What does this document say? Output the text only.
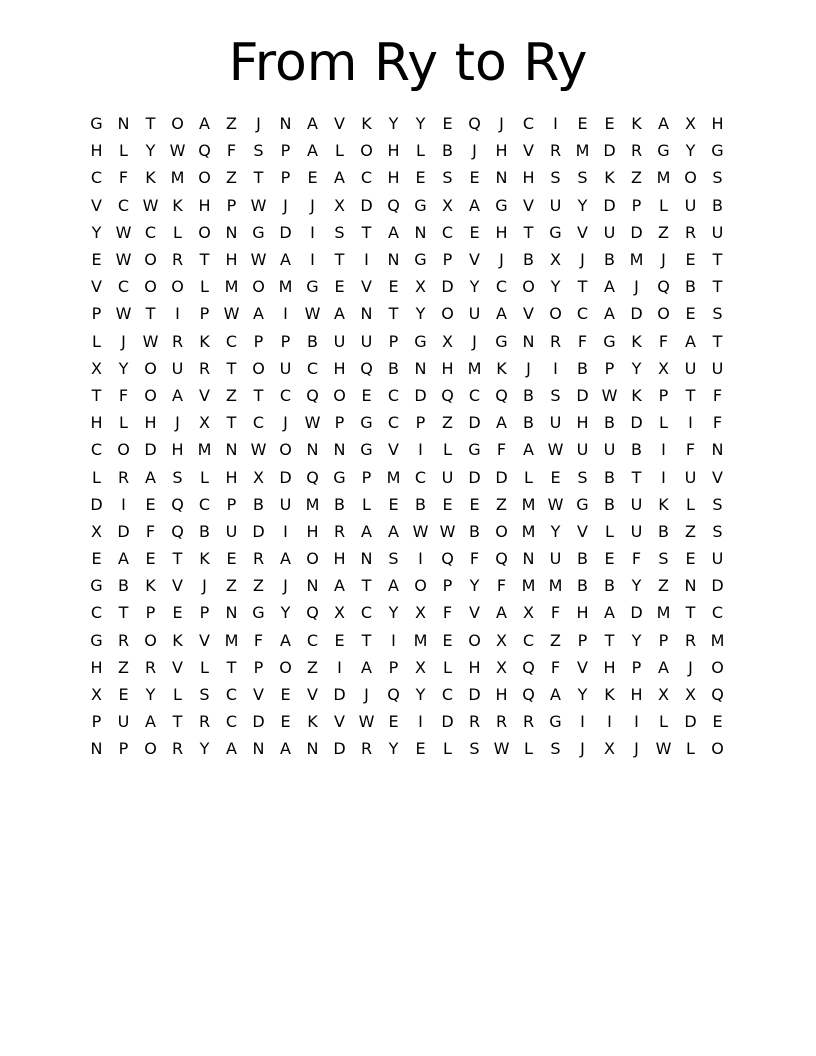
From Ry to Ry
G N	T O A	Z	J	N A	V	K	Y	Y	E Q	J	C	I	E	E	K	A	X H
H	L	Y W Q	F	S	P	A	L	O H	L	B	J	H V R M D R G Y G
C	F	K M O Z	T	P	E	A C H E	S	E N H S	S	K	Z M O S
V C W K H	P W	J	J	X D Q G X	A G V U	Y D	P	L	U B
Y W C	L	O N G D	I	S	T	A N C	E H	T G V U D Z R U
E W O R	T	H W A	I	T	I	N G P	V	J	B	X	J	B M	J	E	T
V C O O	L M O M G E	V	E	X D Y	C O Y	T	A	J	Q B	T
P W T	I	P W A	I	W A N	T	Y O U A	V O C A D O E	S
L	J	W R	K	C	P	P	B U U	P G X	J	G N R	F	G K	F	A	T
X	Y O U R	T O U C H Q B N H M K	J	I	B	P	Y	X U U
T	F	O A	V	Z	T	C Q O E	C D Q C Q B	S D W K	P	T	F
H	L	H	J	X	T	C	J	W P G C	P	Z D A	B U H B D	L	I	F
C O D H M N W O N N G V	I	L	G	F	A W U U B	I	F	N
L	R A	S	L	H X D Q G P M C U D D	L	E	S	B	T	I	U V
D	I	E Q C	P	B U M B	L	E	B	E	E	Z M W G B U K	L	S
X D	F	Q B U D	I	H R A	A W W B O M Y	V	L	U B	Z	S
E	A	E	T	K	E	R A O H N S	I	Q	F	Q N U B	E	F	S	E	U
G B	K	V	J	Z	Z	J	N A	T	A O P	Y	F M M B	B	Y	Z N D
C	T	P	E	P	N G Y Q X C	Y	X	F	V	A	X	F	H A D M T	C
G R O K	V M F	A C	E	T	I	M E O X C Z	P	T	Y	P	R M
H Z R V	L	T	P O Z	I	A	P	X	L	H X Q	F	V H	P	A	J	O
X	E	Y	L	S	C V	E	V D	J	Q Y	C D H Q A	Y	K H X	X Q
P	U A	T	R C D E	K	V W E	I	D R R R G	I	I	I	L	D E
N	P O R	Y	A N A N D R	Y	E	L	S W L	S	J	X	J	W L	O
